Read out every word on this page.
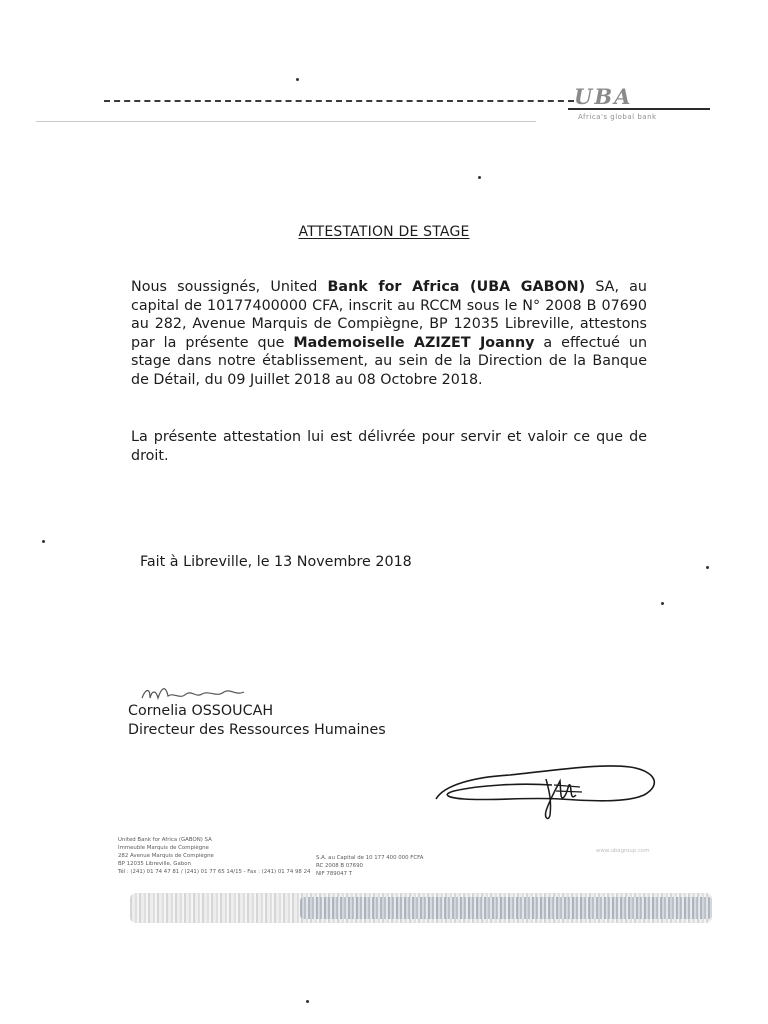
UBA
Africa's global bank
ATTESTATION DE STAGE
Nous soussignés, United Bank for Africa (UBA GABON) SA, au capital de 10177400000 CFA, inscrit au RCCM sous le N° 2008 B 07690 au 282, Avenue Marquis de Compiègne, BP 12035 Libreville, attestons par la présente que Mademoiselle AZIZET Joanny a effectué un stage dans notre établissement, au sein de la Direction de la Banque de Détail, du 09 Juillet 2018 au 08 Octobre 2018.
La présente attestation lui est délivrée pour servir et valoir ce que de droit.
Fait à Libreville, le 13 Novembre 2018
Cornelia OSSOUCAH
Directeur des Ressources Humaines
United Bank for Africa (GABON) SA
Immeuble Marquis de Compiègne
282 Avenue Marquis de Compiègne
BP 12035 Libreville, Gabon
Tél : (241) 01 74 47 81 / (241) 01 77 65 14/15 - Fax : (241) 01 74 98 24
S.A. au Capital de 10 177 400 000 FCFA
RC 2008 B 07690
NIF 789047 T
www.ubagroup.com
